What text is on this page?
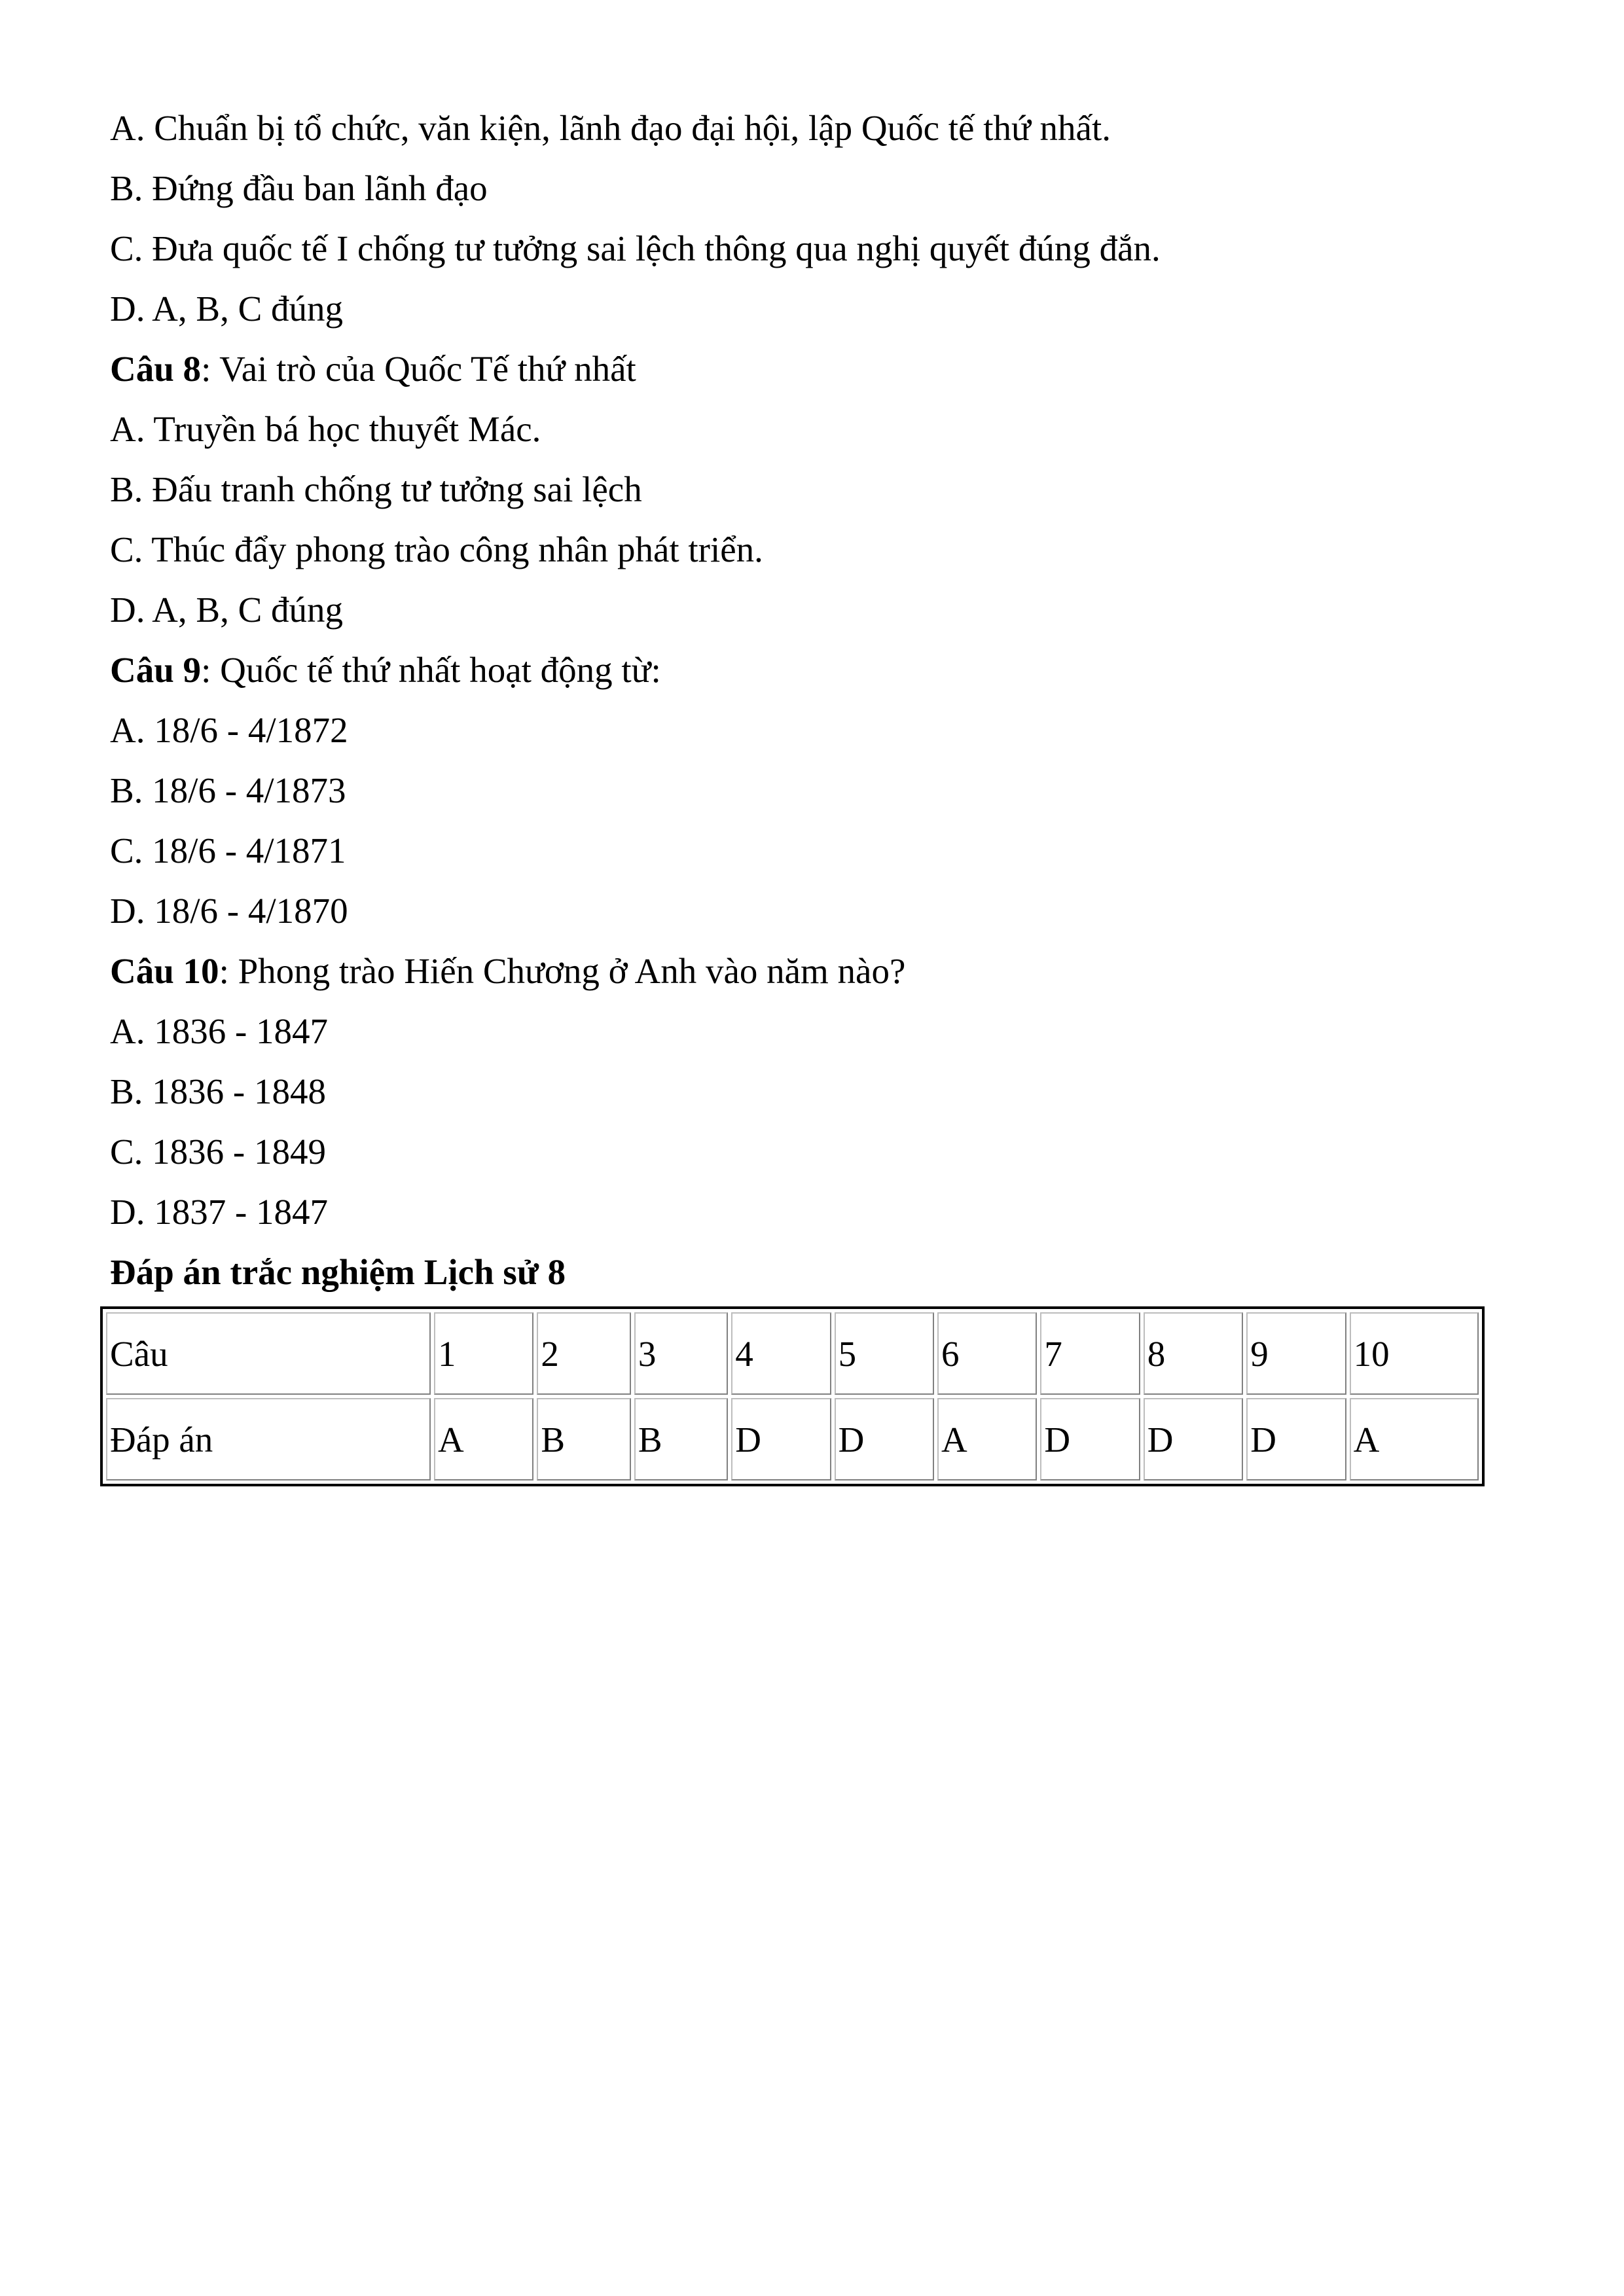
A. Chuẩn bị tổ chức, văn kiện, lãnh đạo đại hội, lập Quốc tế thứ nhất.
B. Đứng đầu ban lãnh đạo
C. Đưa quốc tế I chống tư tưởng sai lệch thông qua nghị quyết đúng đắn.
D. A, B, C đúng
Câu 8: Vai trò của Quốc Tế thứ nhất
A. Truyền bá học thuyết Mác.
B. Đấu tranh chống tư tưởng sai lệch
C. Thúc đẩy phong trào công nhân phát triển.
D. A, B, C đúng
Câu 9: Quốc tế thứ nhất hoạt động từ:
A. 18/6 - 4/1872
B. 18/6 - 4/1873
C. 18/6 - 4/1871
D. 18/6 - 4/1870
Câu 10: Phong trào Hiến Chương ở Anh vào năm nào?
A. 1836 - 1847
B. 1836 - 1848
C. 1836 - 1849
D. 1837 - 1847
Đáp án trắc nghiệm Lịch sử 8
Câu	1	2	3	4	5	6	7	8	9	10
Đáp án	A	B	B	D	D	A	D	D	D	A
